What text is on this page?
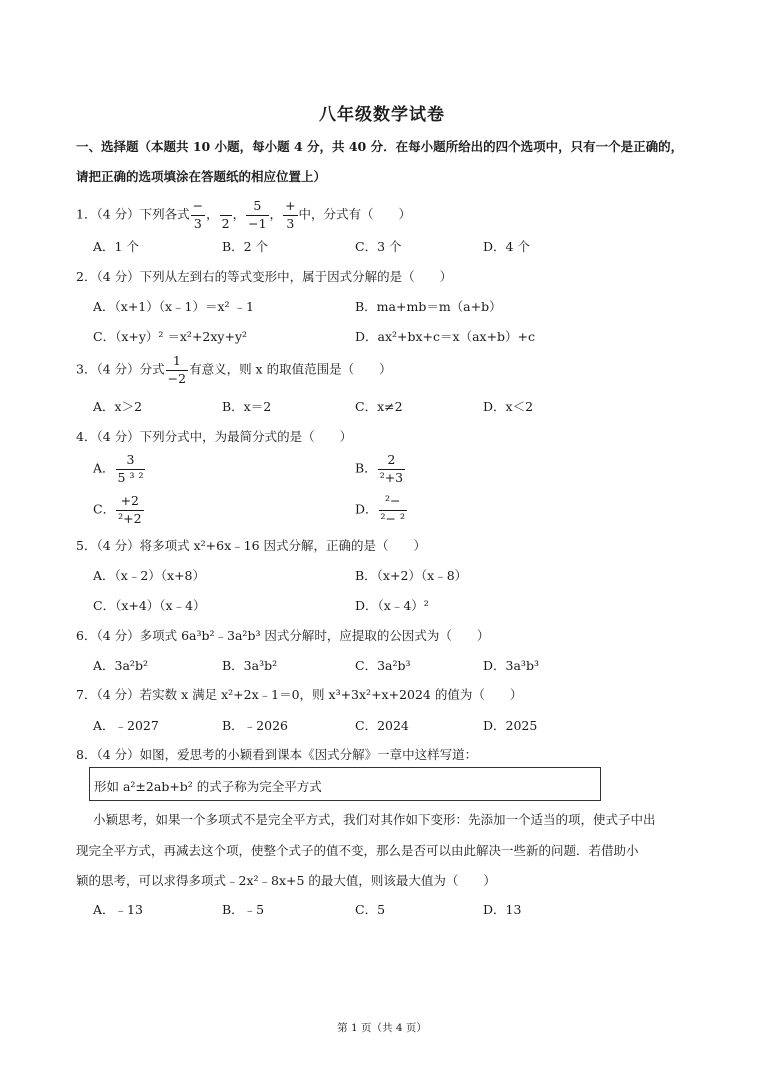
八年级数学试卷
一、选择题（本题共 10 小题，每小题 4 分，共 40 分．在每小题所给出的四个选项中，只有一个是正确的，
请把正确的选项填涂在答题纸的相应位置上）
1．（4 分）下列各式 $\frac{-}{3}$ ，

2
， $\frac{5}{-1}$ ， $\frac{+}{3}$ 中，分式有（　　）
A．1 个	B．2 个	C．3 个	D．4 个
2．（4 分）下列从左到右的等式变形中，属于因式分解的是（　　）
A．（x+1）（x﹣1）＝x² ﹣1	B．ma+mb＝m（a+b）
C．（x+y）² ＝x²+2xy+y²	D．ax²+bx+c＝x（ax+b）+c
3．（4 分）分式 $\frac{1}{-2}$ 有意义，则 x 的取值范围是（　　）
A．x＞2	B．x＝2	C．x≠2	D．x＜2
4．（4 分）下列分式中，为最简分式的是（　　）
A． $\frac{3}{\text{5 ³ ²}}$	B． $\frac{2}{\text{²+3}}$
C． $\frac{+2}{\text{²+2}}$	D． $\frac{\text{²−}}{\text{²− ²}}$
5．（4 分）将多项式 x²+6x﹣16 因式分解，正确的是（　　）
A．（x﹣2）（x+8）	B．（x+2）（x﹣8）
C．（x+4）（x﹣4）	D．（x﹣4）²
6．（4 分）多项式 6a³b²﹣3a²b³ 因式分解时，应提取的公因式为（　　）
A．3a²b²	B．3a³b²	C．3a²b³	D．3a³b³
7．（4 分）若实数 x 满足 x²+2x﹣1＝0，则 x³+3x²+x+2024 的值为（　　）
A．﹣2027	B．﹣2026	C．2024	D．2025
8．（4 分）如图，爱思考的小颖看到课本《因式分解》一章中这样写道：
形如 a²±2ab+b² 的式子称为完全平方式
小颖思考，如果一个多项式不是完全平方式，我们对其作如下变形：先添加一个适当的项，使式子中出
现完全平方式，再减去这个项，使整个式子的值不变，那么是否可以由此解决一些新的问题．若借助小
颖的思考，可以求得多项式﹣2x²﹣8x+5 的最大值，则该最大值为（　　）
A．﹣13	B．﹣5	C．5	D．13
第 1 页（共 4 页）
